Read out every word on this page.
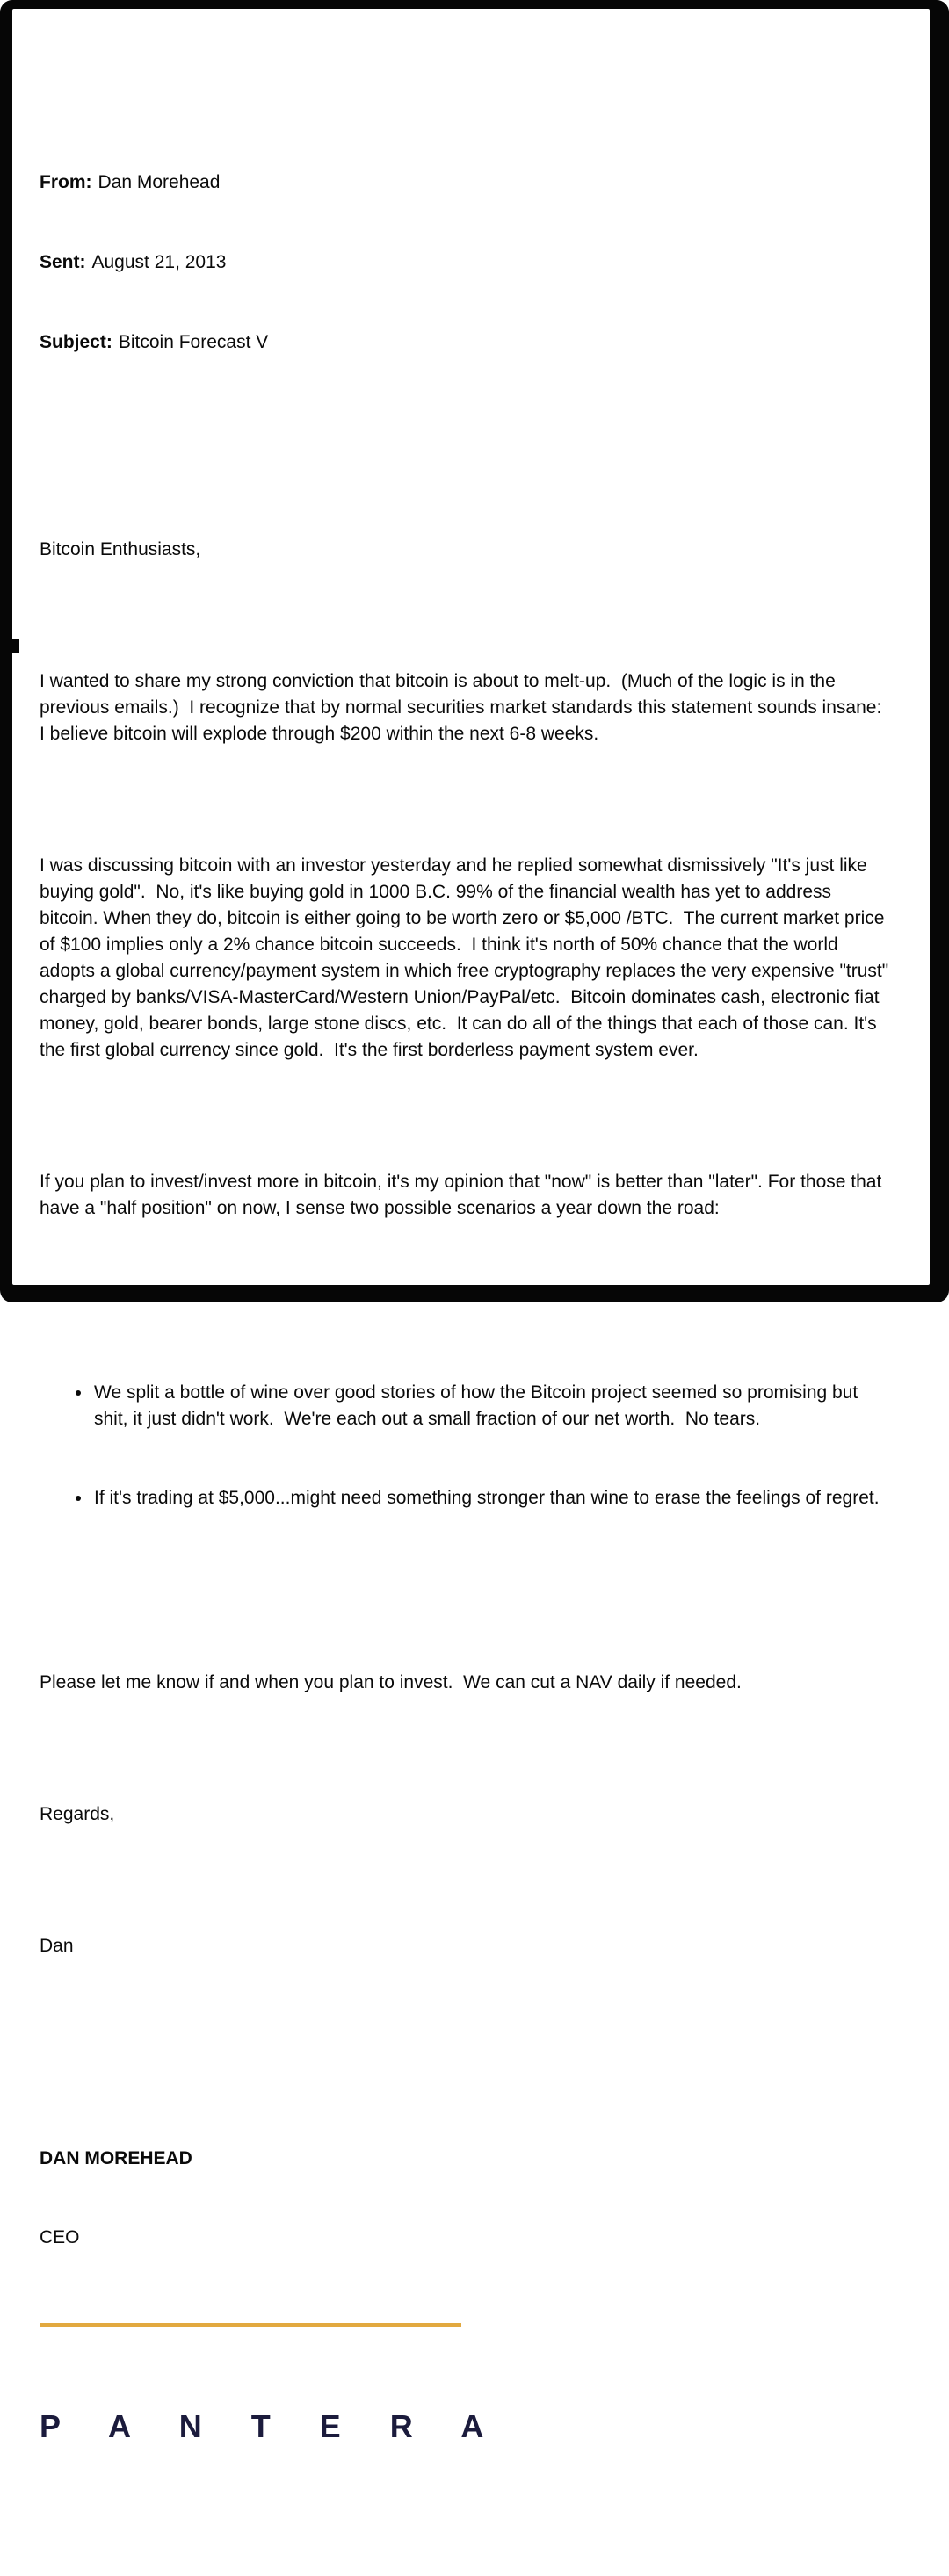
From: Dan Morehead

Sent: August 21, 2013

Subject: Bitcoin Forecast V

Bitcoin Enthusiasts,

I wanted to share my strong conviction that bitcoin is about to melt-up.  (Much of the logic is in the previous emails.)  I recognize that by normal securities market standards this statement sounds insane:  I believe bitcoin will explode through $200 within the next 6-8 weeks.

I was discussing bitcoin with an investor yesterday and he replied somewhat dismissively "It's just like buying gold".  No, it's like buying gold in 1000 B.C. 99% of the financial wealth has yet to address bitcoin. When they do, bitcoin is either going to be worth zero or $5,000 /BTC.  The current market price of $100 implies only a 2% chance bitcoin succeeds.  I think it's north of 50% chance that the world adopts a global currency/payment system in which free cryptography replaces the very expensive "trust" charged by banks/VISA-MasterCard/Western Union/PayPal/etc.  Bitcoin dominates cash, electronic fiat money, gold, bearer bonds, large stone discs, etc.  It can do all of the things that each of those can. It's the first global currency since gold.  It's the first borderless payment system ever.

If you plan to invest/invest more in bitcoin, it's my opinion that "now" is better than "later". For those that have a "half position" on now, I sense two possible scenarios a year down the road:

• We split a bottle of wine over good stories of how the Bitcoin project seemed so promising but shit, it just didn't work.  We're each out a small fraction of our net worth.  No tears.

• If it's trading at $5,000...might need something stronger than wine to erase the feelings of regret.

Please let me know if and when you plan to invest.  We can cut a NAV daily if needed.

Regards,

Dan

DAN MOREHEAD

CEO

P A N T E R A
